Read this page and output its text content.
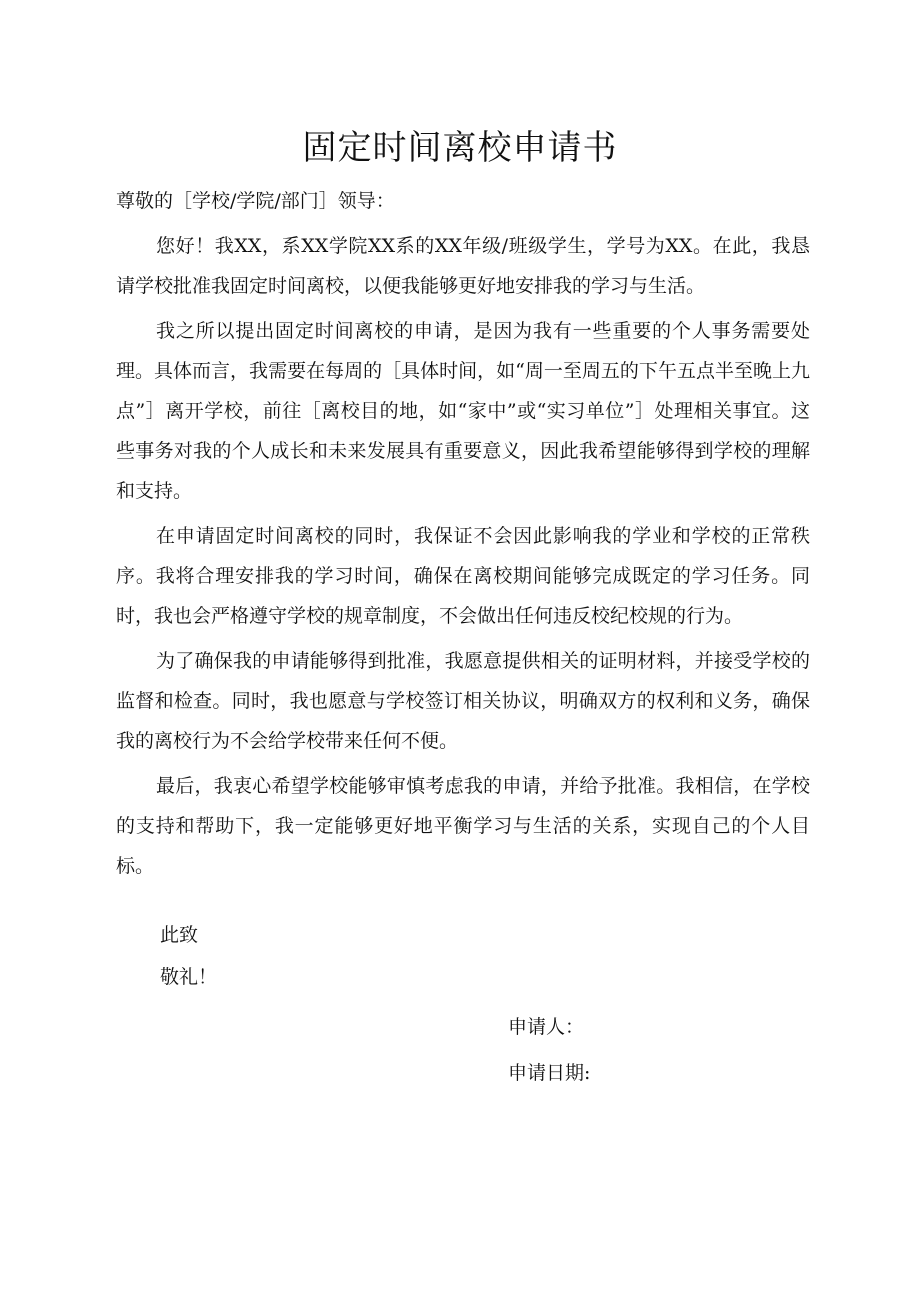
固定时间离校申请书
尊敬的［学校/学院/部门］领导：

您好！我XX，系XX学院XX系的XX年级/班级学生，学号为XX。在此，我恳请学校批准我固定时间离校，以便我能够更好地安排我的学习与生活。

我之所以提出固定时间离校的申请，是因为我有一些重要的个人事务需要处理。具体而言，我需要在每周的［具体时间，如“周一至周五的下午五点半至晚上九点”］离开学校，前往［离校目的地，如“家中”或“实习单位”］处理相关事宜。这些事务对我的个人成长和未来发展具有重要意义，因此我希望能够得到学校的理解和支持。

在申请固定时间离校的同时，我保证不会因此影响我的学业和学校的正常秩序。我将合理安排我的学习时间，确保在离校期间能够完成既定的学习任务。同时，我也会严格遵守学校的规章制度，不会做出任何违反校纪校规的行为。

为了确保我的申请能够得到批准，我愿意提供相关的证明材料，并接受学校的监督和检查。同时，我也愿意与学校签订相关协议，明确双方的权利和义务，确保我的离校行为不会给学校带来任何不便。

最后，我衷心希望学校能够审慎考虑我的申请，并给予批准。我相信，在学校的支持和帮助下，我一定能够更好地平衡学习与生活的关系，实现自己的个人目标。

此致
敬礼！
申请人：
申请日期:
